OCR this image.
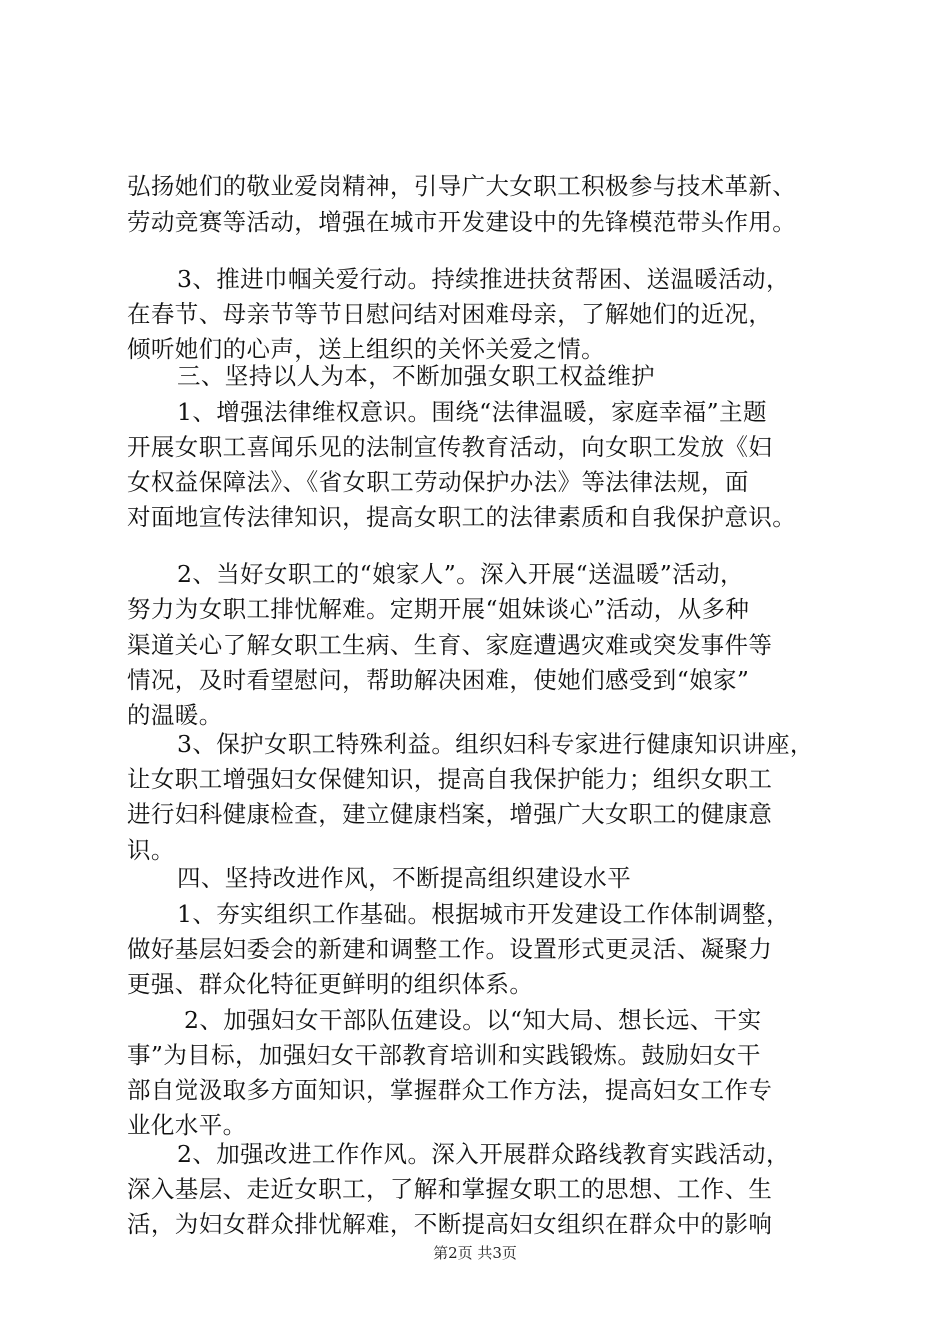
弘扬她们的敬业爱岗精神，引导广大女职工积极参与技术革新、
劳动竞赛等活动，增强在城市开发建设中的先锋模范带头作用。
3、推进巾帼关爱行动。持续推进扶贫帮困、送温暖活动，
在春节、母亲节等节日慰问结对困难母亲，了解她们的近况，
倾听她们的心声，送上组织的关怀关爱之情。
三、坚持以人为本，不断加强女职工权益维护
1、增强法律维权意识。围绕“法律温暖，家庭幸福”主题
开展女职工喜闻乐见的法制宣传教育活动，向女职工发放《妇
女权益保障法》、《省女职工劳动保护办法》等法律法规，面
对面地宣传法律知识，提高女职工的法律素质和自我保护意识。
2、当好女职工的“娘家人”。深入开展“送温暖”活动，
努力为女职工排忧解难。定期开展“姐妹谈心”活动，从多种
渠道关心了解女职工生病、生育、家庭遭遇灾难或突发事件等
情况，及时看望慰问，帮助解决困难，使她们感受到“娘家”
的温暖。
3、保护女职工特殊利益。组织妇科专家进行健康知识讲座，
让女职工增强妇女保健知识，提高自我保护能力；组织女职工
进行妇科健康检查，建立健康档案，增强广大女职工的健康意
识。
四、坚持改进作风，不断提高组织建设水平
1、夯实组织工作基础。根据城市开发建设工作体制调整，
做好基层妇委会的新建和调整工作。设置形式更灵活、凝聚力
更强、群众化特征更鲜明的组织体系。
2、加强妇女干部队伍建设。以“知大局、想长远、干实
事”为目标，加强妇女干部教育培训和实践锻炼。鼓励妇女干
部自觉汲取多方面知识，掌握群众工作方法，提高妇女工作专
业化水平。
2、加强改进工作作风。深入开展群众路线教育实践活动，
深入基层、走近女职工，了解和掌握女职工的思想、工作、生
活，为妇女群众排忧解难，不断提高妇女组织在群众中的影响
第2页 共3页
